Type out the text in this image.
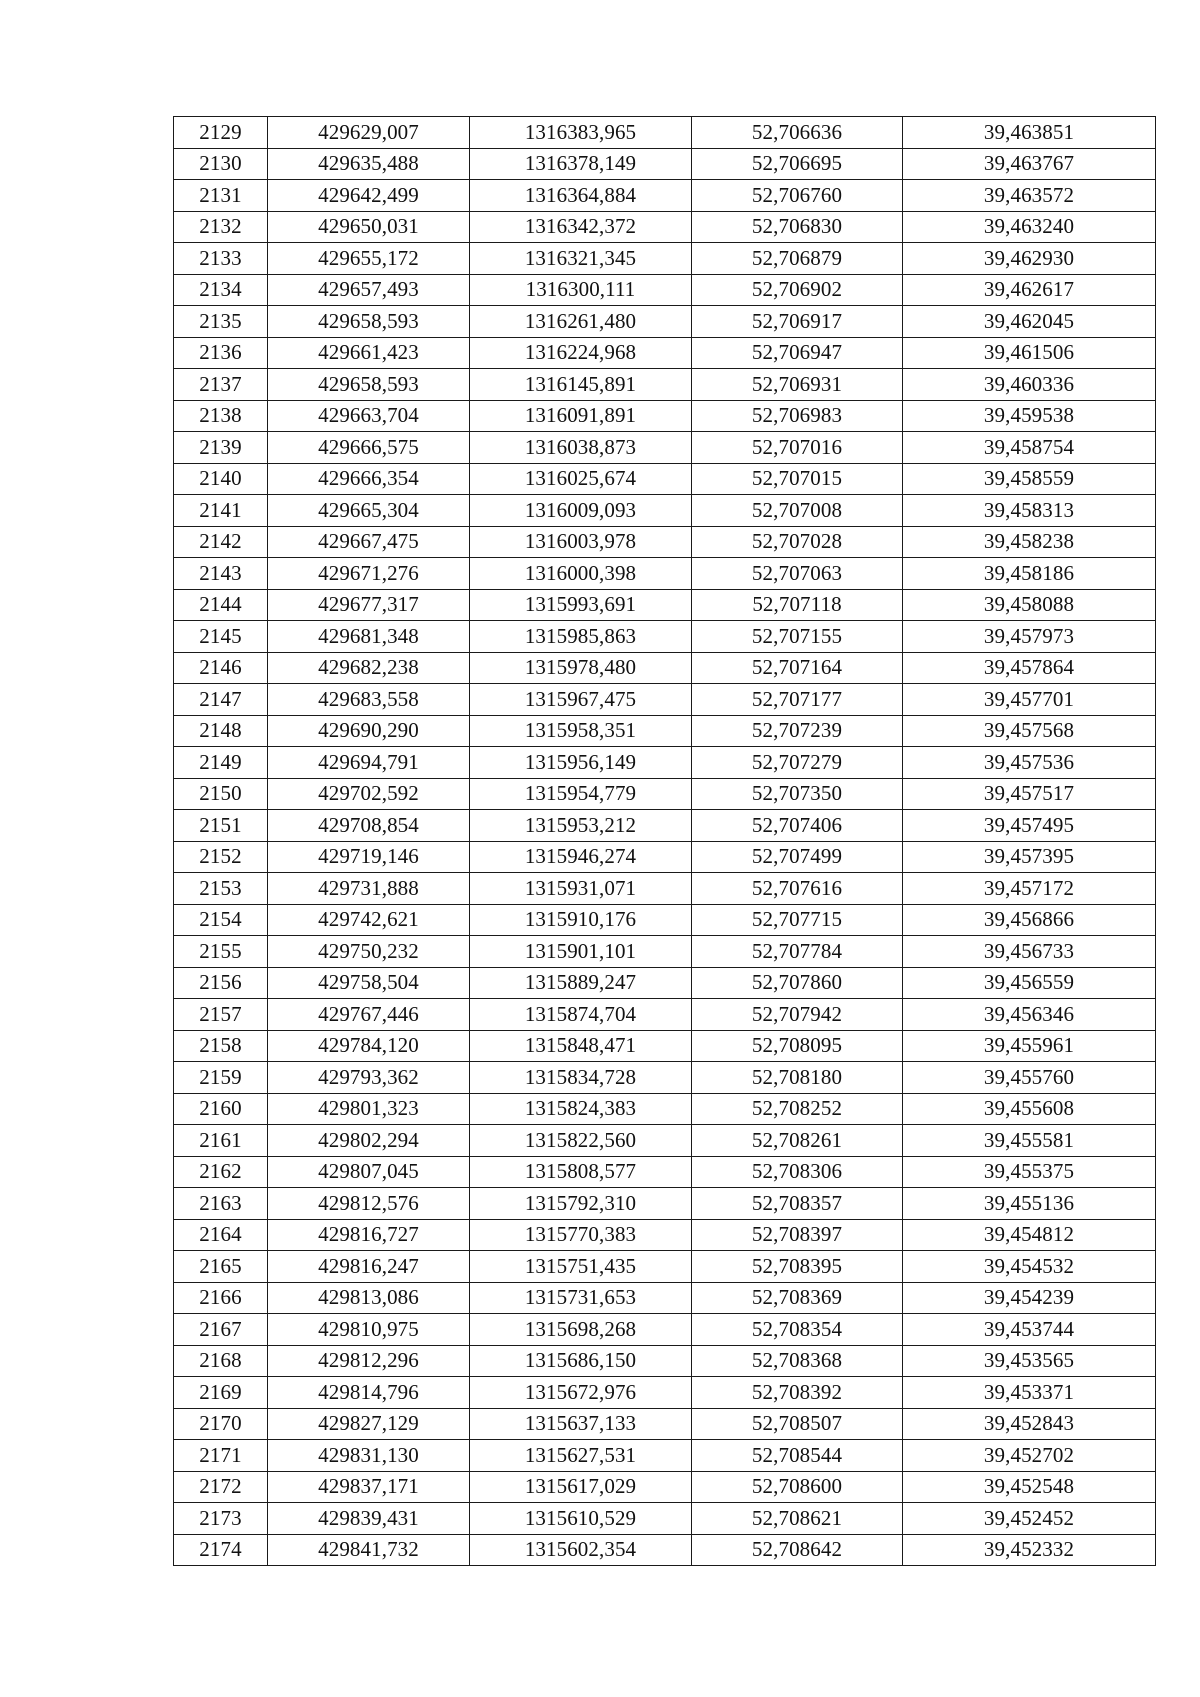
2129	429629,007	1316383,965	52,706636	39,463851
2130	429635,488	1316378,149	52,706695	39,463767
2131	429642,499	1316364,884	52,706760	39,463572
2132	429650,031	1316342,372	52,706830	39,463240
2133	429655,172	1316321,345	52,706879	39,462930
2134	429657,493	1316300,111	52,706902	39,462617
2135	429658,593	1316261,480	52,706917	39,462045
2136	429661,423	1316224,968	52,706947	39,461506
2137	429658,593	1316145,891	52,706931	39,460336
2138	429663,704	1316091,891	52,706983	39,459538
2139	429666,575	1316038,873	52,707016	39,458754
2140	429666,354	1316025,674	52,707015	39,458559
2141	429665,304	1316009,093	52,707008	39,458313
2142	429667,475	1316003,978	52,707028	39,458238
2143	429671,276	1316000,398	52,707063	39,458186
2144	429677,317	1315993,691	52,707118	39,458088
2145	429681,348	1315985,863	52,707155	39,457973
2146	429682,238	1315978,480	52,707164	39,457864
2147	429683,558	1315967,475	52,707177	39,457701
2148	429690,290	1315958,351	52,707239	39,457568
2149	429694,791	1315956,149	52,707279	39,457536
2150	429702,592	1315954,779	52,707350	39,457517
2151	429708,854	1315953,212	52,707406	39,457495
2152	429719,146	1315946,274	52,707499	39,457395
2153	429731,888	1315931,071	52,707616	39,457172
2154	429742,621	1315910,176	52,707715	39,456866
2155	429750,232	1315901,101	52,707784	39,456733
2156	429758,504	1315889,247	52,707860	39,456559
2157	429767,446	1315874,704	52,707942	39,456346
2158	429784,120	1315848,471	52,708095	39,455961
2159	429793,362	1315834,728	52,708180	39,455760
2160	429801,323	1315824,383	52,708252	39,455608
2161	429802,294	1315822,560	52,708261	39,455581
2162	429807,045	1315808,577	52,708306	39,455375
2163	429812,576	1315792,310	52,708357	39,455136
2164	429816,727	1315770,383	52,708397	39,454812
2165	429816,247	1315751,435	52,708395	39,454532
2166	429813,086	1315731,653	52,708369	39,454239
2167	429810,975	1315698,268	52,708354	39,453744
2168	429812,296	1315686,150	52,708368	39,453565
2169	429814,796	1315672,976	52,708392	39,453371
2170	429827,129	1315637,133	52,708507	39,452843
2171	429831,130	1315627,531	52,708544	39,452702
2172	429837,171	1315617,029	52,708600	39,452548
2173	429839,431	1315610,529	52,708621	39,452452
2174	429841,732	1315602,354	52,708642	39,452332
